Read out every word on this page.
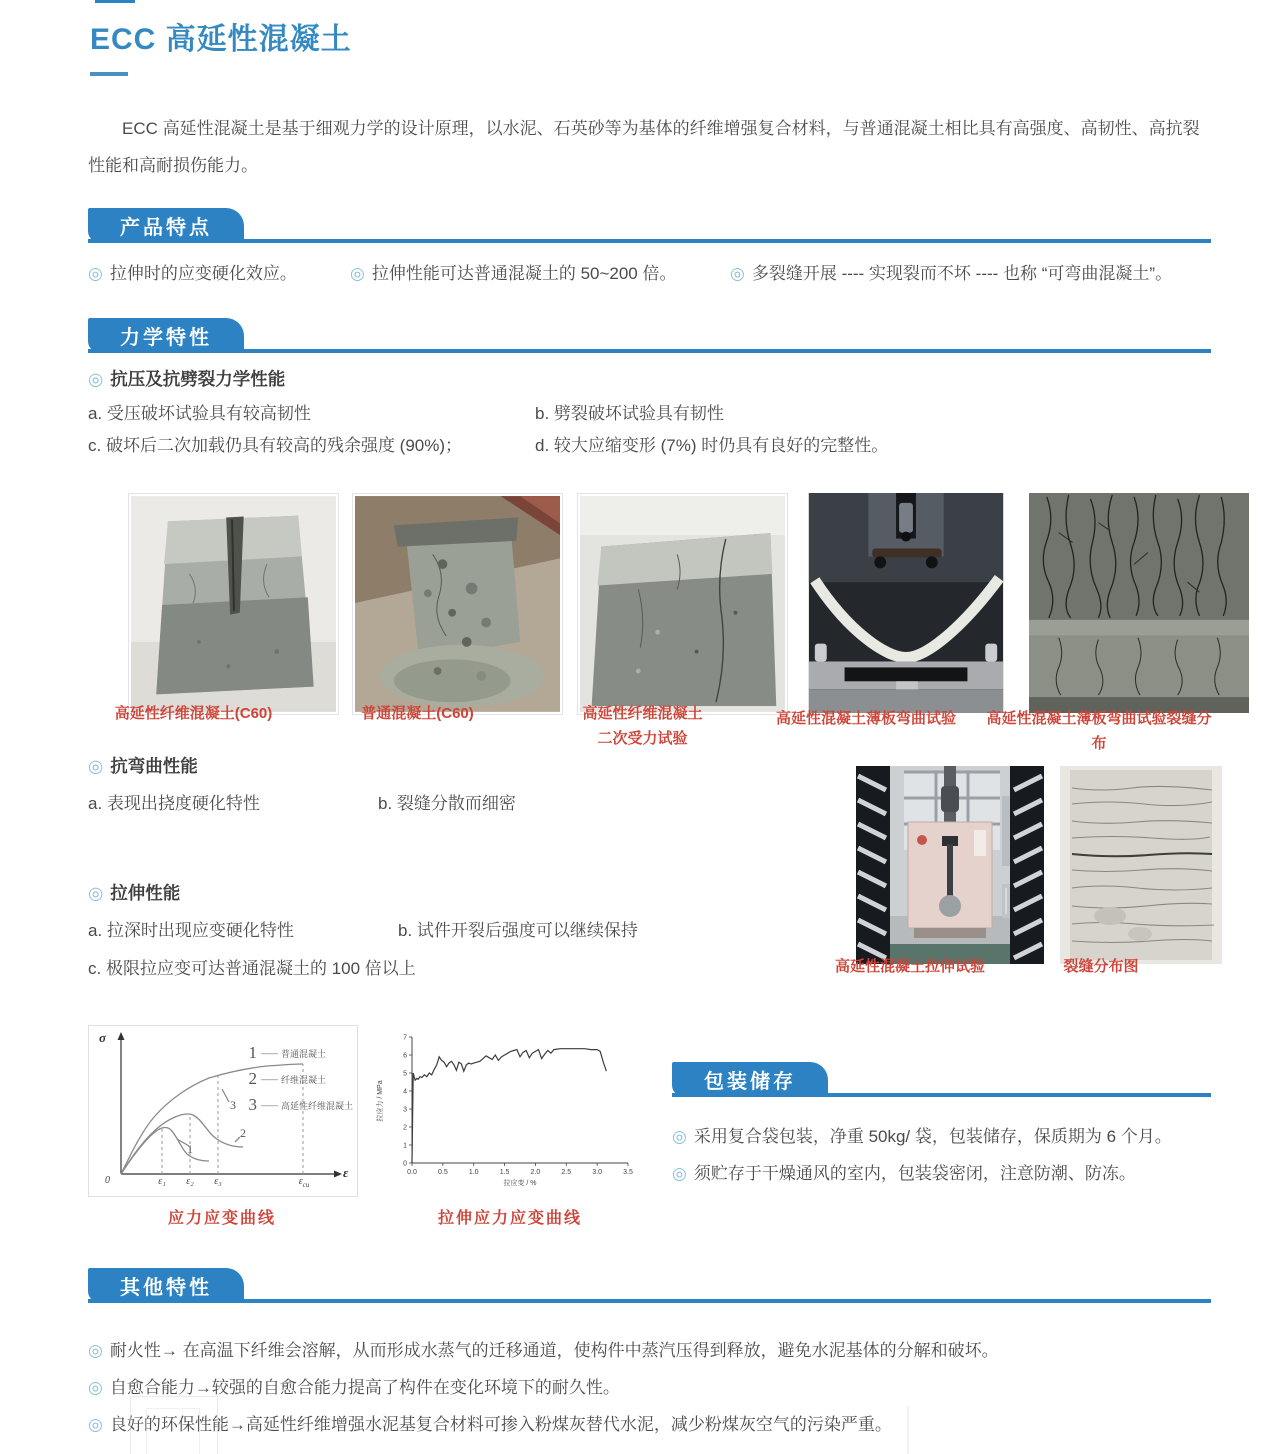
ECC 高延性混凝土

ECC 高延性混凝土是基于细观力学的设计原理，以水泥、石英砂等为基体的纤维增强复合材料，与普通混凝土相比具有高强度、高韧性、高抗裂性能和高耐损伤能力。

产品特点
◎ 拉伸时的应变硬化效应。	◎ 拉伸性能可达普通混凝土的 50~200 倍。	◎ 多裂缝开展 ---- 实现裂而不坏 ---- 也称 “可弯曲混凝土”。
力学特性
◎ 抗压及抗劈裂力学性能
a. 受压破坏试验具有较高韧性	b. 劈裂破坏试验具有韧性
c. 破坏后二次加载仍具有较高的残余强度 (90%)；	d. 较大应缩变形 (7%) 时仍具有良好的完整性。
高延性纤维混凝土(C60)	普通混凝土(C60)	高延性纤维混凝土
二次受力试验
高延性混凝土薄板弯曲试验	高延性混凝土薄板弯曲试验裂缝分布
◎ 抗弯曲性能
a. 表现出挠度硬化特性	b. 裂缝分散而细密
高延性混凝土拉伸试验	裂缝分布图
◎ 拉伸性能
a. 拉深时出现应变硬化特性	b. 试件开裂后强度可以继续保持
c. 极限拉应变可达普通混凝土的 100 倍以上
σ
ε
0	ε₁	ε₂	ε₃	$\varepsilon_{cu}$
1
2
3
1 —— 普通混凝土
2 —— 纤维混凝土
3 —— 高延性纤维混凝土
拉应变 / %
拉应力 / MPa
0.0	0.5	1.0	1.5	2.0	2.5	3.0	3.5
0
1
2
3
4
5
6
7
应力应变曲线	拉伸应力应变曲线
包装储存
◎ 采用复合袋包装，净重 50kg/ 袋，包装储存，保质期为 6 个月。
◎ 须贮存于干燥通风的室内，包装袋密闭，注意防潮、防冻。
其他特性
◎ 耐火性→ 在高温下纤维会溶解，从而形成水蒸气的迁移通道，使构件中蒸汽压得到释放，避免水泥基体的分解和破坏。
◎ 自愈合能力→较强的自愈合能力提高了构件在变化环境下的耐久性。
◎ 良好的环保性能→高延性纤维增强水泥基复合材料可掺入粉煤灰替代水泥，减少粉煤灰空气的污染严重。
